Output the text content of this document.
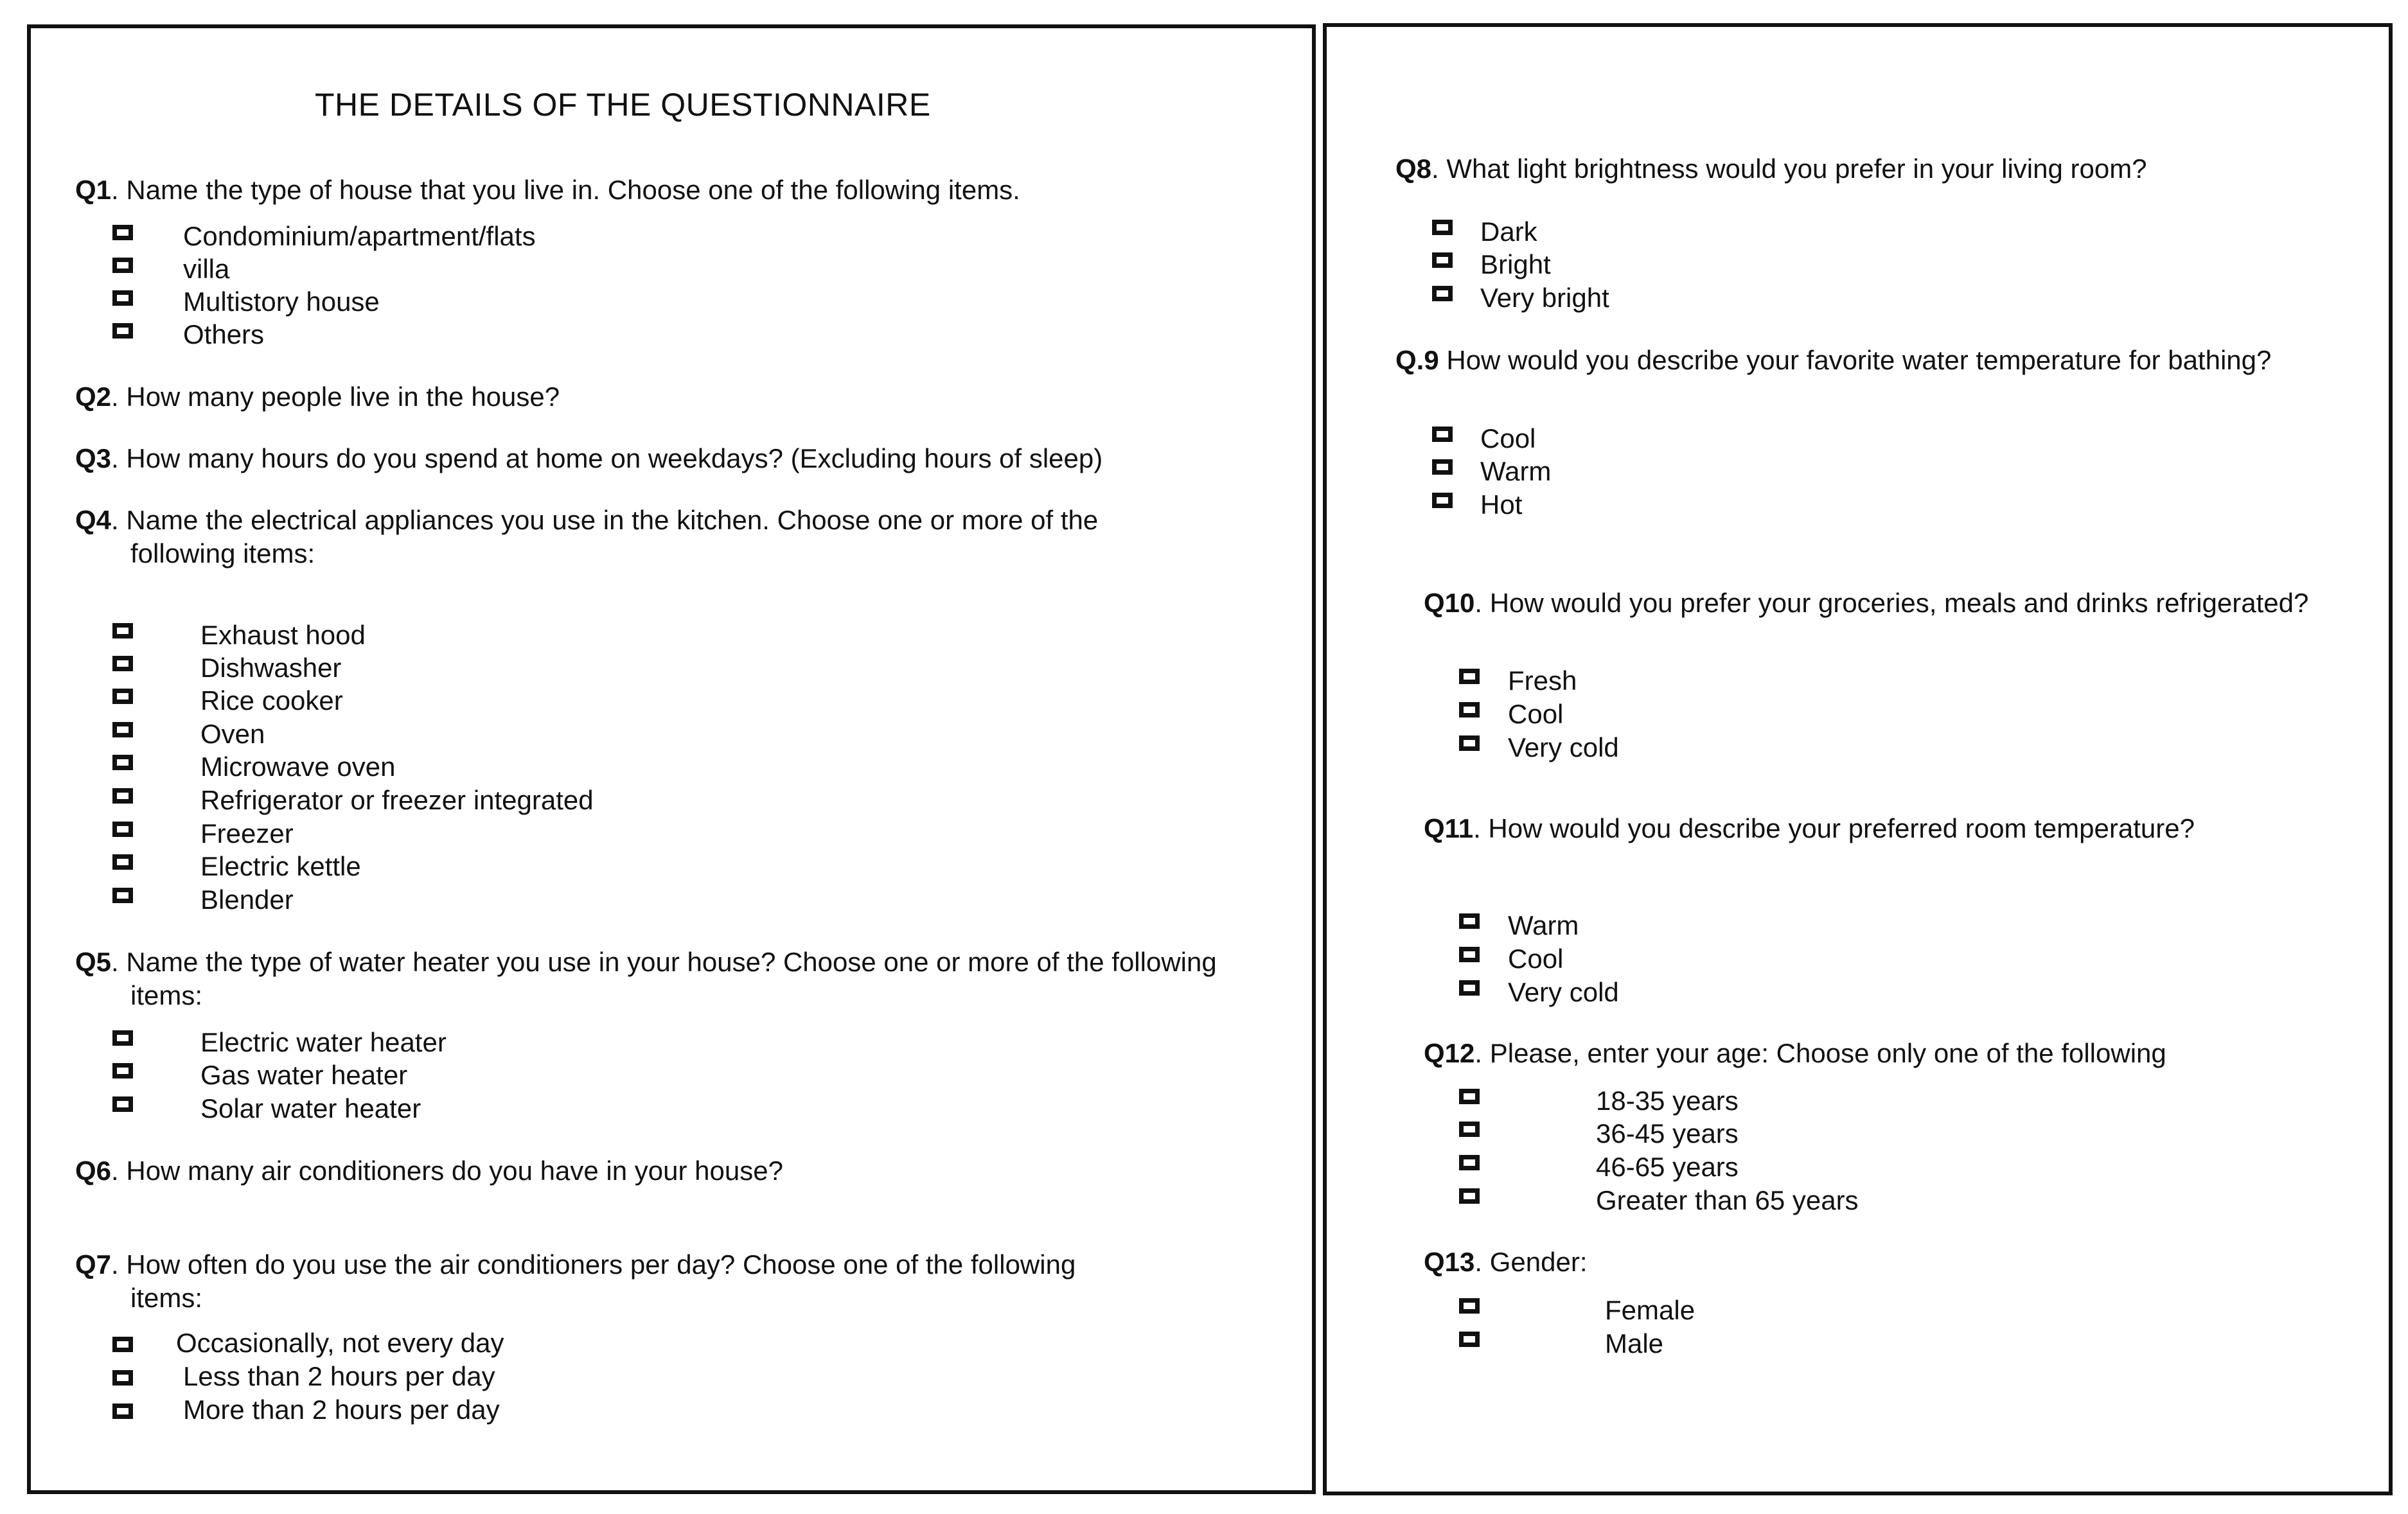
THE DETAILS OF THE QUESTIONNAIRE
Q1. Name the type of house that you live in. Choose one of the following items.
Condominium/apartment/flats
villa
Multistory house
Others
Q2. How many people live in the house?
Q3. How many hours do you spend at home on weekdays? (Excluding hours of sleep)
Q4. Name the electrical appliances you use in the kitchen. Choose one or more of the
following items:
Exhaust hood
Dishwasher
Rice cooker
Oven
Microwave oven
Refrigerator or freezer integrated
Freezer
Electric kettle
Blender
Q5. Name the type of water heater you use in your house? Choose one or more of the following
items:
Electric water heater
Gas water heater
Solar water heater
Q6. How many air conditioners do you have in your house?
Q7. How often do you use the air conditioners per day? Choose one of the following
items:
Occasionally, not every day
Less than 2 hours per day
More than 2 hours per day
Q8. What light brightness would you prefer in your living room?
Dark
Bright
Very bright
Q.9 How would you describe your favorite water temperature for bathing?
Cool
Warm
Hot
Q10. How would you prefer your groceries, meals and drinks refrigerated?
Fresh
Cool
Very cold
Q11. How would you describe your preferred room temperature?
Warm
Cool
Very cold
Q12. Please, enter your age: Choose only one of the following
18-35 years
36-45 years
46-65 years
Greater than 65 years
Q13. Gender:
Female
Male
